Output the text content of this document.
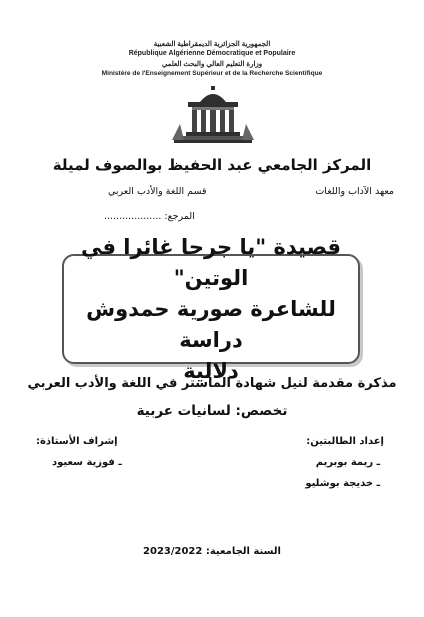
الجمهورية الجزائرية الديمقراطية الشعبية
République Algérienne Démocratique et Populaire
وزارة التعليم العالي والبحث العلمي
Ministère de l'Enseignement Supérieur et de la Recherche Scientifique
المركز الجامعي عبد الحفيظ بوالصوف لميلة
معهد الآداب واللغات
قسم اللغة والأدب العربي
المرجع: ...................
قصيدة "يا جرحا غائرا في الوتين"
للشاعرة صورية حمدوش دراسة
دلالية
مذكرة مقدمة لنيل شهادة الماستر في اللغة والأدب العربي
تخصص: لسانيات عربية
إعداد الطالبتين:
ـ ريمة بوبريم
ـ خديجة بوشليو
إشراف الأستاذة:
ـ فوزية سعيود
السنة الجامعية: 2023/2022
